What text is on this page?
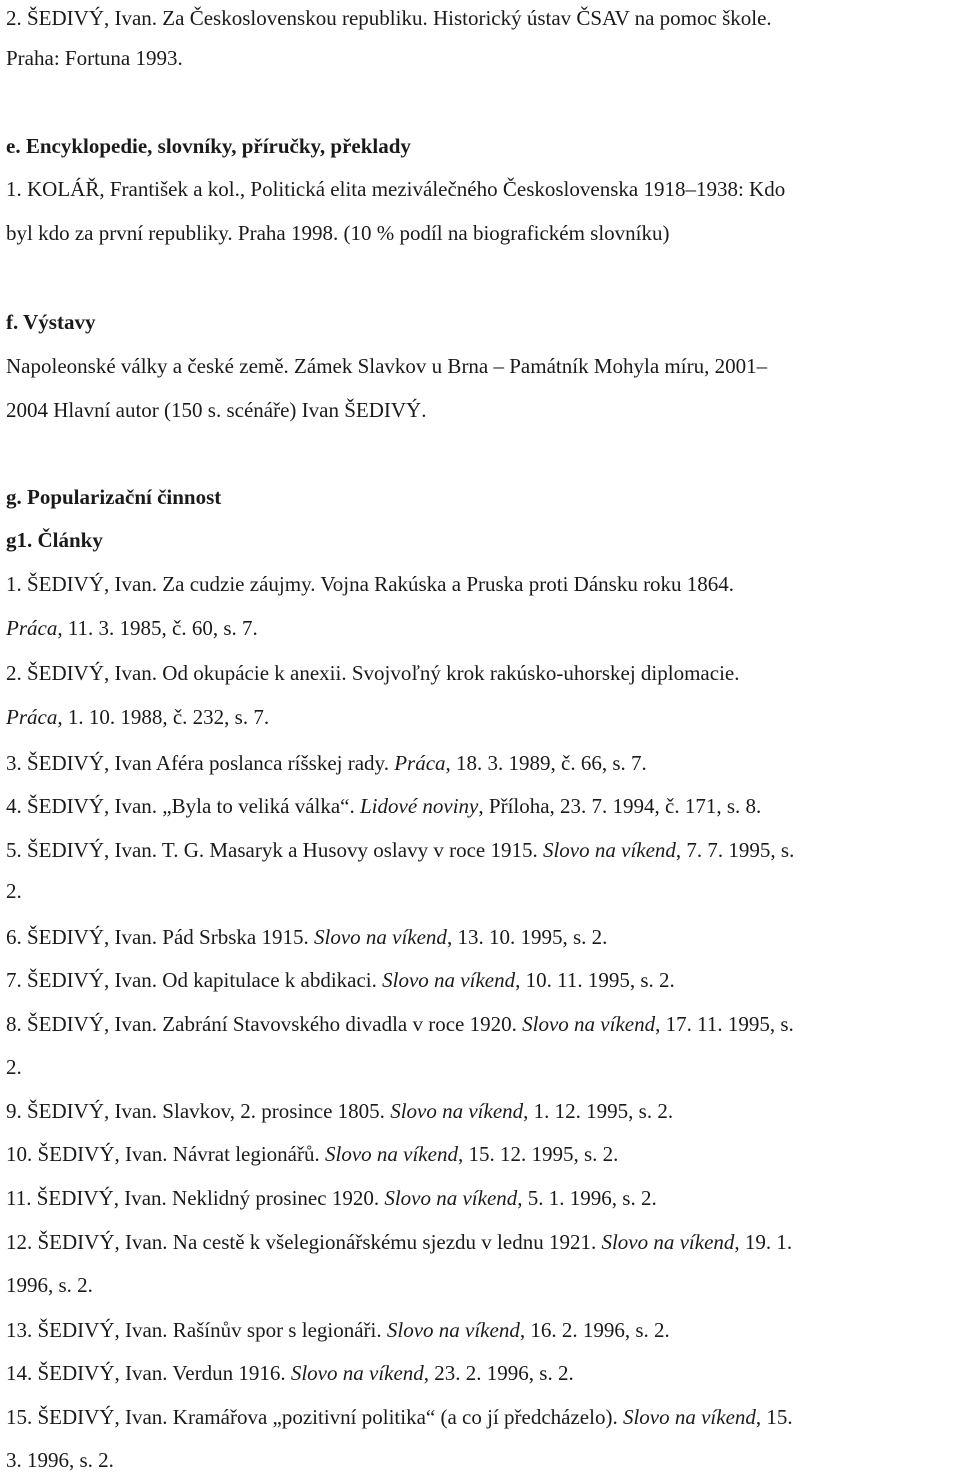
2. ŠEDIVÝ, Ivan. Za Československou republiku. Historický ústav ČSAV na pomoc škole.
Praha: Fortuna 1993.
e. Encyklopedie, slovníky, příručky, překlady
1. KOLÁŘ, František a kol., Politická elita meziválečného Československa 1918–1938: Kdo
byl kdo za první republiky. Praha 1998. (10 % podíl na biografickém slovníku)
f. Výstavy
Napoleonské války a české země. Zámek Slavkov u Brna – Památník Mohyla míru, 2001–
2004 Hlavní autor (150 s. scénáře) Ivan ŠEDIVÝ.
g. Popularizační činnost
g1. Články
1. ŠEDIVÝ, Ivan. Za cudzie záujmy. Vojna Rakúska a Pruska proti Dánsku roku 1864.
Práca, 11. 3. 1985, č. 60, s. 7.
2. ŠEDIVÝ, Ivan. Od okupácie k anexii. Svojvoľný krok rakúsko-uhorskej diplomacie.
Práca, 1. 10. 1988, č. 232, s. 7.
3. ŠEDIVÝ, Ivan Aféra poslanca ríšskej rady. Práca, 18. 3. 1989, č. 66, s. 7.
4. ŠEDIVÝ, Ivan. „Byla to veliká válka“. Lidové noviny, Příloha, 23. 7. 1994, č. 171, s. 8.
5. ŠEDIVÝ, Ivan. T. G. Masaryk a Husovy oslavy v roce 1915. Slovo na víkend, 7. 7. 1995, s.
2.
6. ŠEDIVÝ, Ivan. Pád Srbska 1915. Slovo na víkend, 13. 10. 1995, s. 2.
7. ŠEDIVÝ, Ivan. Od kapitulace k abdikaci. Slovo na víkend, 10. 11. 1995, s. 2.
8. ŠEDIVÝ, Ivan. Zabrání Stavovského divadla v roce 1920. Slovo na víkend, 17. 11. 1995, s.
2.
9. ŠEDIVÝ, Ivan. Slavkov, 2. prosince 1805. Slovo na víkend, 1. 12. 1995, s. 2.
10. ŠEDIVÝ, Ivan. Návrat legionářů. Slovo na víkend, 15. 12. 1995, s. 2.
11. ŠEDIVÝ, Ivan. Neklidný prosinec 1920. Slovo na víkend, 5. 1. 1996, s. 2.
12. ŠEDIVÝ, Ivan. Na cestě k všelegionářskému sjezdu v lednu 1921. Slovo na víkend, 19. 1.
1996, s. 2.
13. ŠEDIVÝ, Ivan. Rašínův spor s legionáři. Slovo na víkend, 16. 2. 1996, s. 2.
14. ŠEDIVÝ, Ivan. Verdun 1916. Slovo na víkend, 23. 2. 1996, s. 2.
15. ŠEDIVÝ, Ivan. Kramářova „pozitivní politika“ (a co jí předcházelo). Slovo na víkend, 15.
3. 1996, s. 2.
